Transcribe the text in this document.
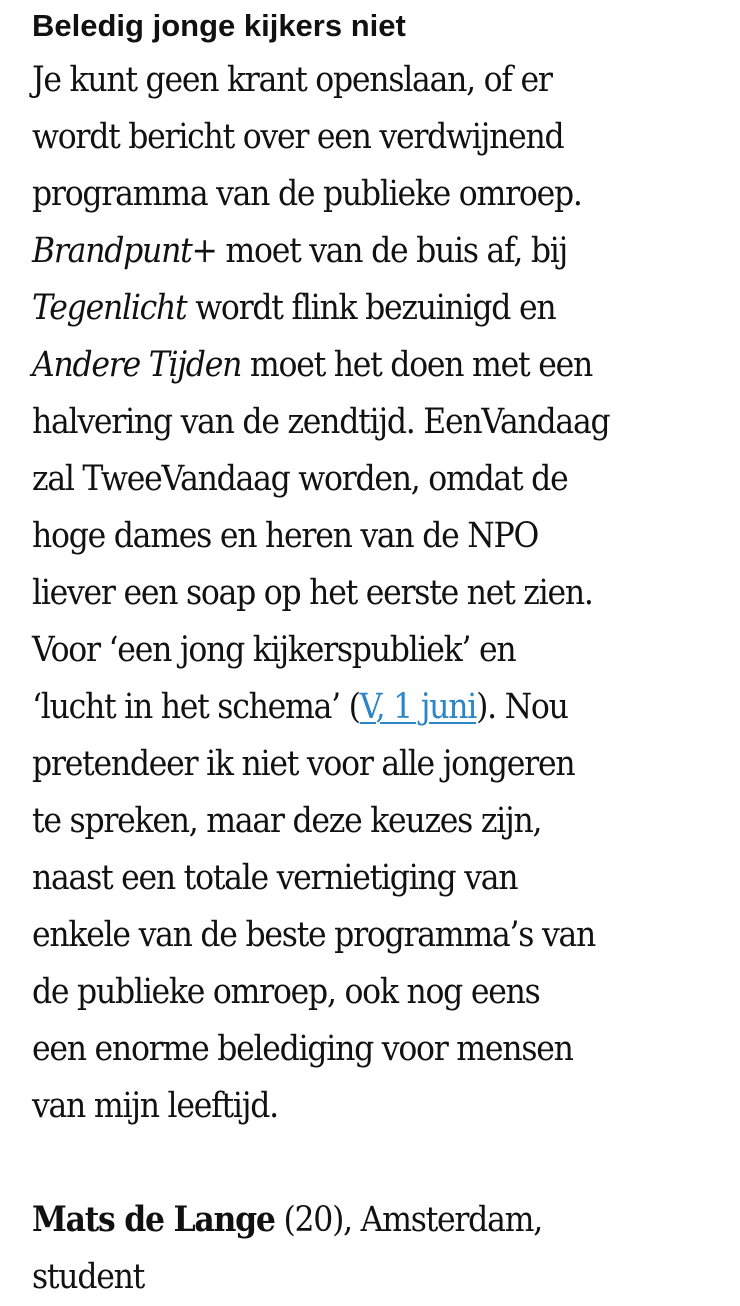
Beledig jonge kijkers niet
Je kunt geen krant openslaan, of er
wordt bericht over een verdwijnend
programma van de publieke omroep.
Brandpunt+ moet van de buis af, bij
Tegenlicht wordt flink bezuinigd en
Andere Tijden moet het doen met een
halvering van de zendtijd. EenVandaag
zal TweeVandaag worden, omdat de
hoge dames en heren van de NPO
liever een soap op het eerste net zien.
Voor ‘een jong kijkerspubliek’ en
‘lucht in het schema’ (V, 1 juni). Nou
pretendeer ik niet voor alle jongeren
te spreken, maar deze keuzes zijn,
naast een totale vernietiging van
enkele van de beste programma’s van
de publieke omroep, ook nog eens
een enorme belediging voor mensen
van mijn leeftijd.
Mats de Lange (20), Amsterdam,
student
